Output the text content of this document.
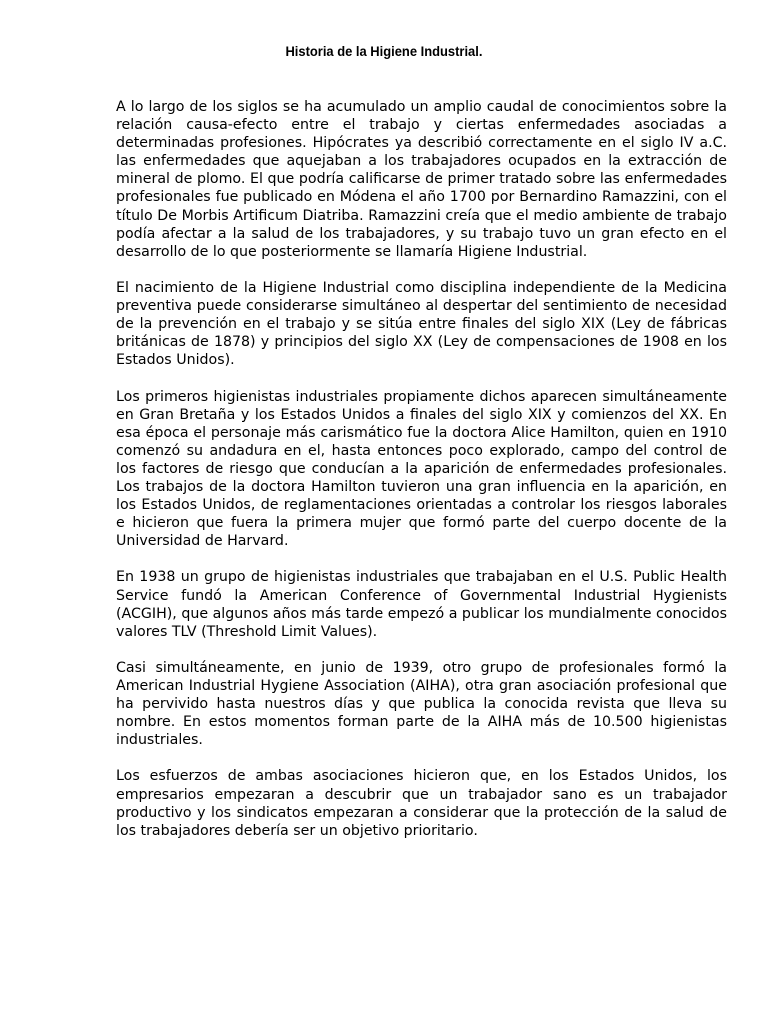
Historia de la Higiene Industrial.

A lo largo de los siglos se ha acumulado un amplio caudal de conocimientos sobre la relación causa-efecto entre el trabajo y ciertas enfermedades asociadas a determinadas profesiones. Hipócrates ya describió correctamente en el siglo IV a.C. las enfermedades que aquejaban a los trabajadores ocupados en la extracción de mineral de plomo. El que podría calificarse de primer tratado sobre las enfermedades profesionales fue publicado en Módena el año 1700 por Bernardino Ramazzini, con el título De Morbis Artificum Diatriba. Ramazzini creía que el medio ambiente de trabajo podía afectar a la salud de los trabajadores, y su trabajo tuvo un gran efecto en el desarrollo de lo que posteriormente se llamaría Higiene Industrial.

El nacimiento de la Higiene Industrial como disciplina independiente de la Medicina preventiva puede considerarse simultáneo al despertar del sentimiento de necesidad de la prevención en el trabajo y se sitúa entre finales del siglo XIX (Ley de fábricas británicas de 1878) y principios del siglo XX (Ley de compensaciones de 1908 en los Estados Unidos).

Los primeros higienistas industriales propiamente dichos aparecen simultáneamente en Gran Bretaña y los Estados Unidos a finales del siglo XIX y comienzos del XX. En esa época el personaje más carismático fue la doctora Alice Hamilton, quien en 1910 comenzó su andadura en el, hasta entonces poco explorado, campo del control de los factores de riesgo que conducían a la aparición de enfermedades profesionales. Los trabajos de la doctora Hamilton tuvieron una gran influencia en la aparición, en los Estados Unidos, de reglamentaciones orientadas a controlar los riesgos laborales e hicieron que fuera la primera mujer que formó parte del cuerpo docente de la Universidad de Harvard.

En 1938 un grupo de higienistas industriales que trabajaban en el U.S. Public Health Service fundó la American Conference of Governmental Industrial Hygienists (ACGIH), que algunos años más tarde empezó a publicar los mundialmente conocidos valores TLV (Threshold Limit Values).

Casi simultáneamente, en junio de 1939, otro grupo de profesionales formó la American Industrial Hygiene Association (AIHA), otra gran asociación profesional que ha pervivido hasta nuestros días y que publica la conocida revista que lleva su nombre. En estos momentos forman parte de la AIHA más de 10.500 higienistas industriales.

Los esfuerzos de ambas asociaciones hicieron que, en los Estados Unidos, los empresarios empezaran a descubrir que un trabajador sano es un trabajador productivo y los sindicatos empezaran a considerar que la protección de la salud de los trabajadores debería ser un objetivo prioritario.
